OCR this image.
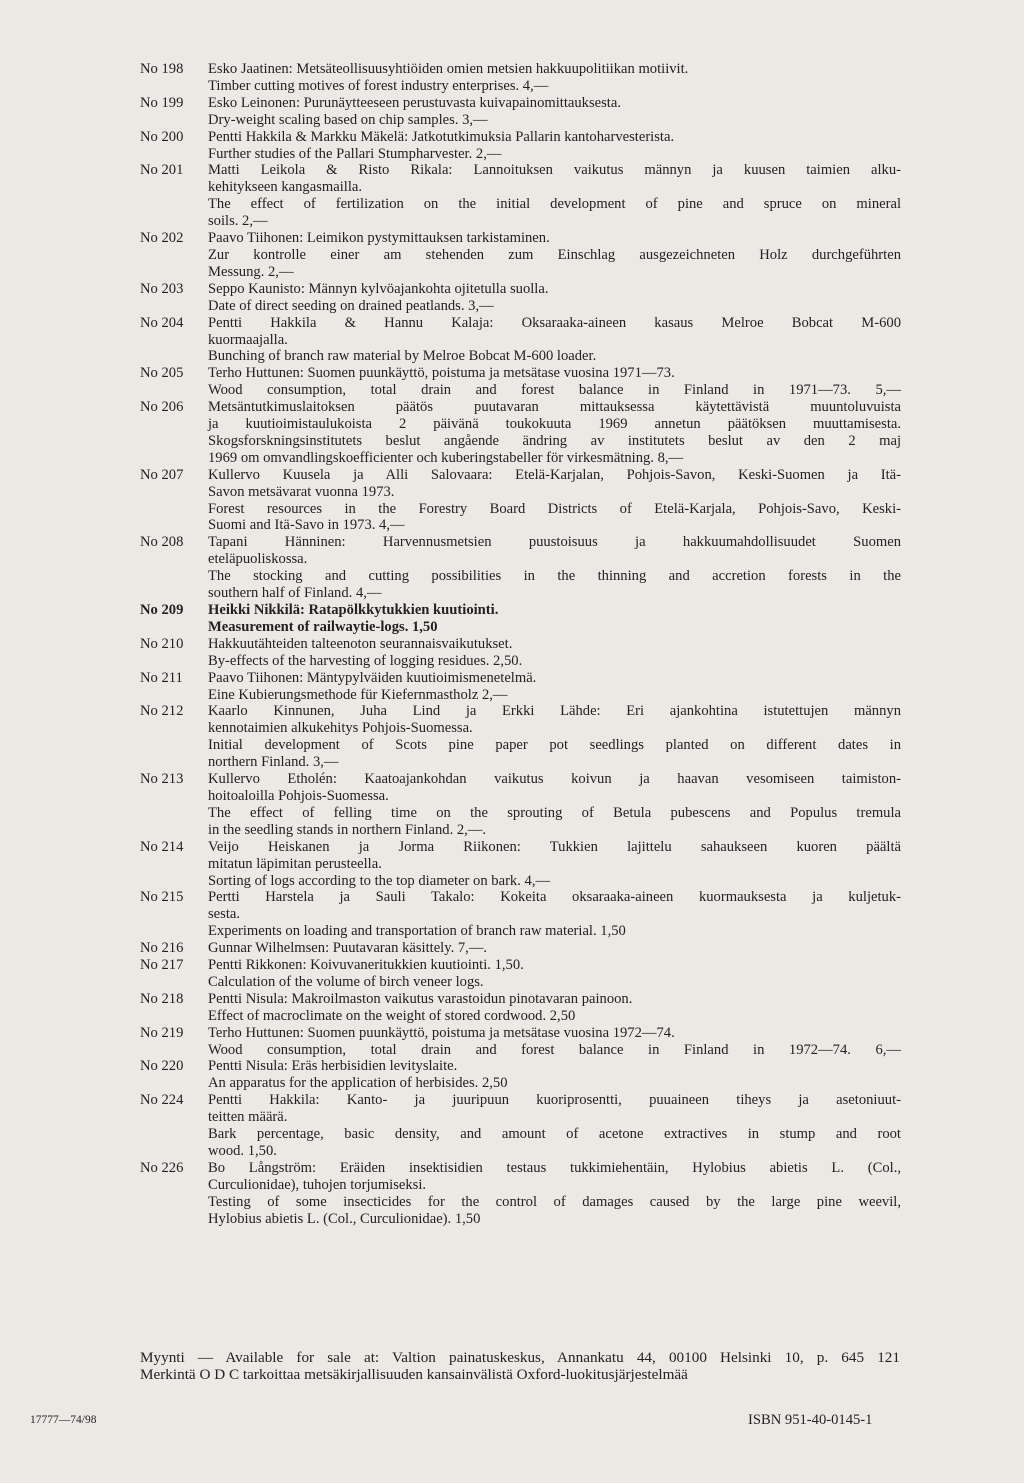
No 198	Esko Jaatinen: Metsäteollisuusyhtiöiden omien metsien hakkuupolitiikan motiivit.
Timber cutting motives of forest industry enterprises. 4,—
No 199	Esko Leinonen: Purunäytteeseen perustuvasta kuivapainomittauksesta.
Dry-weight scaling based on chip samples. 3,—
No 200	Pentti Hakkila & Markku Mäkelä: Jatkotutkimuksia Pallarin kantoharvesterista.
Further studies of the Pallari Stumpharvester. 2,—
No 201	Matti Leikola & Risto Rikala: Lannoituksen vaikutus männyn ja kuusen taimien alku-
kehitykseen kangasmailla.
The effect of fertilization on the initial development of pine and spruce on mineral
soils. 2,—
No 202	Paavo Tiihonen: Leimikon pystymittauksen tarkistaminen.
Zur kontrolle einer am stehenden zum Einschlag ausgezeichneten Holz durchgeführten
Messung. 2,—
No 203	Seppo Kaunisto: Männyn kylvöajankohta ojitetulla suolla.
Date of direct seeding on drained peatlands. 3,—
No 204	Pentti Hakkila & Hannu Kalaja: Oksaraaka-aineen kasaus Melroe Bobcat M-600
kuormaajalla.
Bunching of branch raw material by Melroe Bobcat M-600 loader.
No 205	Terho Huttunen: Suomen puunkäyttö, poistuma ja metsätase vuosina 1971—73.
Wood consumption, total drain and forest balance in Finland in 1971—73. 5,—
No 206	Metsäntutkimuslaitoksen päätös puutavaran mittauksessa käytettävistä muuntoluvuista
ja kuutioimistaulukoista 2 päivänä toukokuuta 1969 annetun päätöksen muuttamisesta.
Skogsforskningsinstitutets beslut angående ändring av institutets beslut av den 2 maj
1969 om omvandlingskoefficienter och kuberingstabeller för virkesmätning. 8,—
No 207	Kullervo Kuusela ja Alli Salovaara: Etelä-Karjalan, Pohjois-Savon, Keski-Suomen ja Itä-
Savon metsävarat vuonna 1973.
Forest resources in the Forestry Board Districts of Etelä-Karjala, Pohjois-Savo, Keski-
Suomi and Itä-Savo in 1973. 4,—
No 208	Tapani Hänninen: Harvennusmetsien puustoisuus ja hakkuumahdollisuudet Suomen
eteläpuoliskossa.
The stocking and cutting possibilities in the thinning and accretion forests in the
southern half of Finland. 4,—
No 209	Heikki Nikkilä: Ratapölkkytukkien kuutiointi.
Measurement of railwaytie-logs. 1,50
No 210	Hakkuutähteiden talteenoton seurannaisvaikutukset.
By-effects of the harvesting of logging residues. 2,50.
No 211	Paavo Tiihonen: Mäntypylväiden kuutioimismenetelmä.
Eine Kubierungsmethode für Kiefernmastholz 2,—
No 212	Kaarlo Kinnunen, Juha Lind ja Erkki Lähde: Eri ajankohtina istutettujen männyn
kennotaimien alkukehitys Pohjois-Suomessa.
Initial development of Scots pine paper pot seedlings planted on different dates in
northern Finland. 3,—
No 213	Kullervo Etholén: Kaatoajankohdan vaikutus koivun ja haavan vesomiseen taimiston-
hoitoaloilla Pohjois-Suomessa.
The effect of felling time on the sprouting of Betula pubescens and Populus tremula
in the seedling stands in northern Finland. 2,—.
No 214	Veijo Heiskanen ja Jorma Riikonen: Tukkien lajittelu sahaukseen kuoren päältä
mitatun läpimitan perusteella.
Sorting of logs according to the top diameter on bark. 4,—
No 215	Pertti Harstela ja Sauli Takalo: Kokeita oksaraaka-aineen kuormauksesta ja kuljetuk-
sesta.
Experiments on loading and transportation of branch raw material. 1,50
No 216	Gunnar Wilhelmsen: Puutavaran käsittely. 7,—.
No 217	Pentti Rikkonen: Koivuvaneritukkien kuutiointi. 1,50.
Calculation of the volume of birch veneer logs.
No 218	Pentti Nisula: Makroilmaston vaikutus varastoidun pinotavaran painoon.
Effect of macroclimate on the weight of stored cordwood. 2,50
No 219	Terho Huttunen: Suomen puunkäyttö, poistuma ja metsätase vuosina 1972—74.
Wood consumption, total drain and forest balance in Finland in 1972—74. 6,—
No 220	Pentti Nisula: Eräs herbisidien levityslaite.
An apparatus for the application of herbisides. 2,50
No 224	Pentti Hakkila: Kanto- ja juuripuun kuoriprosentti, puuaineen tiheys ja asetoniuut-
teitten määrä.
Bark percentage, basic density, and amount of acetone extractives in stump and root
wood. 1,50.
No 226	Bo Långström: Eräiden insektisidien testaus tukkimiehentäin, Hylobius abietis L. (Col.,
Curculionidae), tuhojen torjumiseksi.
Testing of some insecticides for the control of damages caused by the large pine weevil,
Hylobius abietis L. (Col., Curculionidae). 1,50
Myynti — Available for sale at: Valtion painatuskeskus, Annankatu 44, 00100 Helsinki 10, p. 645 121
Merkintä O D C tarkoittaa metsäkirjallisuuden kansainvälistä Oxford-luokitusjärjestelmää
17777—74/98	ISBN 951-40-0145-1
